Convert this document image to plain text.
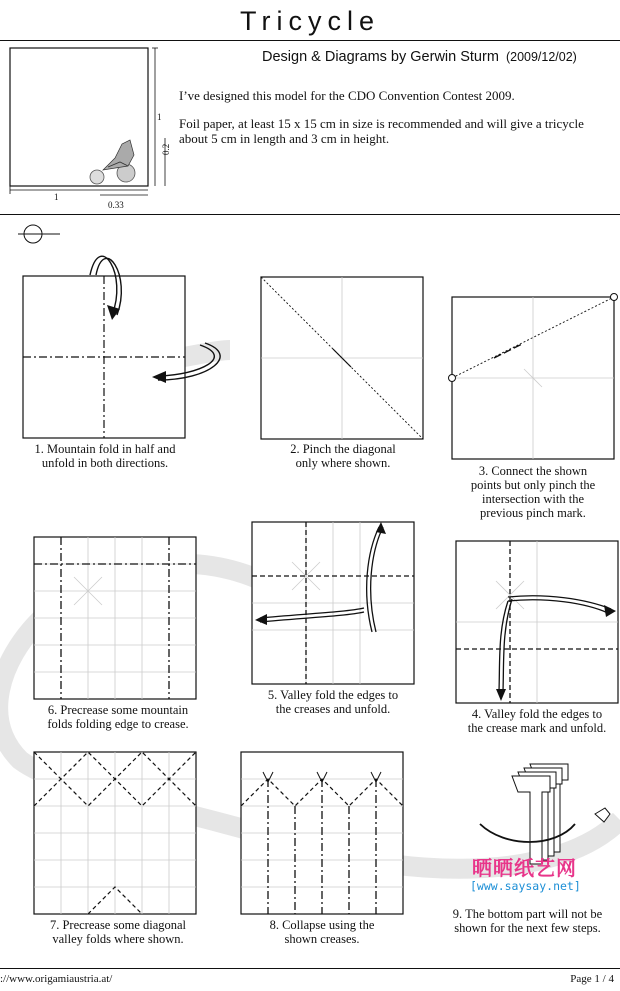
Tricycle
Design & Diagrams by Gerwin Sturm (2009/12/02)
1
0.2
1
0.33
I’ve designed this model for the CDO Convention Contest 2009.
Foil paper, at least 15 x 15 cm in size is recommended and will give a tricycle about 5 cm in length and 3 cm in height.
1. Mountain fold in half and
unfold in both directions.
2. Pinch the diagonal
only where shown.
3. Connect the shown
points but only pinch the
intersection with the
previous pinch mark.
6. Precrease some mountain
folds folding edge to crease.
5. Valley fold the edges to
the creases and unfold.	4. Valley fold the edges to
the crease mark and unfold.
7. Precrease some diagonal
valley folds where shown.
8. Collapse using the
shown creases.
晒晒纸艺网
[www.saysay.net]
9. The bottom part will not be
shown for the next few steps.
://www.origamiaustria.at/	Page 1 / 4
